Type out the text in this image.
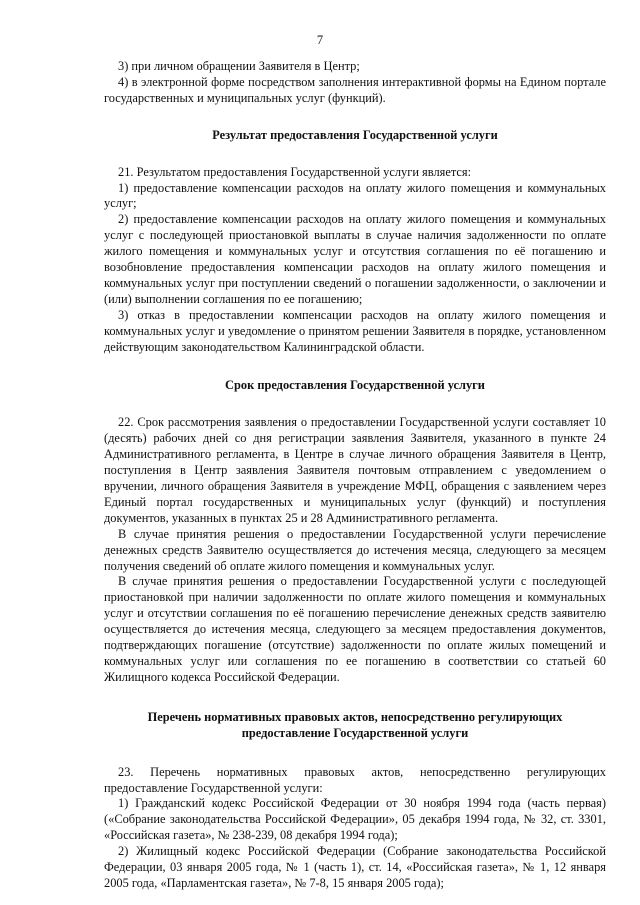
7

3) при личном обращении Заявителя в Центр;

4) в электронной форме посредством заполнения интерактивной формы на Едином портале государственных и муниципальных услуг (функций).

Результат предоставления Государственной услуги

21. Результатом предоставления Государственной услуги является:

1) предоставление компенсации расходов на оплату жилого помещения и коммунальных услуг;

2) предоставление компенсации расходов на оплату жилого помещения и коммунальных услуг с последующей приостановкой выплаты в случае наличия задолженности по оплате жилого помещения и коммунальных услуг и отсутствия соглашения по её погашению и возобновление предоставления компенсации расходов на оплату жилого помещения и коммунальных услуг при поступлении сведений о погашении задолженности, о заключении и (или) выполнении соглашения по ее погашению;

3) отказ в предоставлении компенсации расходов на оплату жилого помещения и коммунальных услуг и уведомление о принятом решении Заявителя в порядке, установленном действующим законодательством Калининградской области.

Срок предоставления Государственной услуги

22. Срок рассмотрения заявления о предоставлении Государственной услуги составляет 10 (десять) рабочих дней со дня регистрации заявления Заявителя, указанного в пункте 24 Административного регламента, в Центре в случае личного обращения Заявителя в Центр, поступления в Центр заявления Заявителя почтовым отправлением с уведомлением о вручении, личного обращения Заявителя в учреждение МФЦ, обращения с заявлением через Единый портал государственных и муниципальных услуг (функций) и поступления документов, указанных в пунктах 25 и 28 Административного регламента.

В случае принятия решения о предоставлении Государственной услуги перечисление денежных средств Заявителю осуществляется до истечения месяца, следующего за месяцем получения сведений об оплате жилого помещения и коммунальных услуг.

В случае принятия решения о предоставлении Государственной услуги с последующей приостановкой при наличии задолженности по оплате жилого помещения и коммунальных услуг и отсутствии соглашения по её погашению перечисление денежных средств заявителю осуществляется до истечения месяца, следующего за месяцем предоставления документов, подтверждающих погашение (отсутствие) задолженности по оплате жилых помещений и коммунальных услуг или соглашения по ее погашению в соответствии со статьей 60 Жилищного кодекса Российской Федерации.

Перечень нормативных правовых актов, непосредственно регулирующих
предоставление Государственной услуги

23. Перечень нормативных правовых актов, непосредственно регулирующих предоставление Государственной услуги:

1) Гражданский кодекс Российской Федерации от 30 ноября 1994 года (часть первая) («Собрание законодательства Российской Федерации», 05 декабря 1994 года, № 32, ст. 3301, «Российская газета», № 238-239, 08 декабря 1994 года);

2) Жилищный кодекс Российской Федерации (Собрание законодательства Российской Федерации, 03 января 2005 года, № 1 (часть 1), ст. 14, «Российская газета», № 1, 12 января 2005 года, «Парламентская газета», № 7-8, 15 января 2005 года);
